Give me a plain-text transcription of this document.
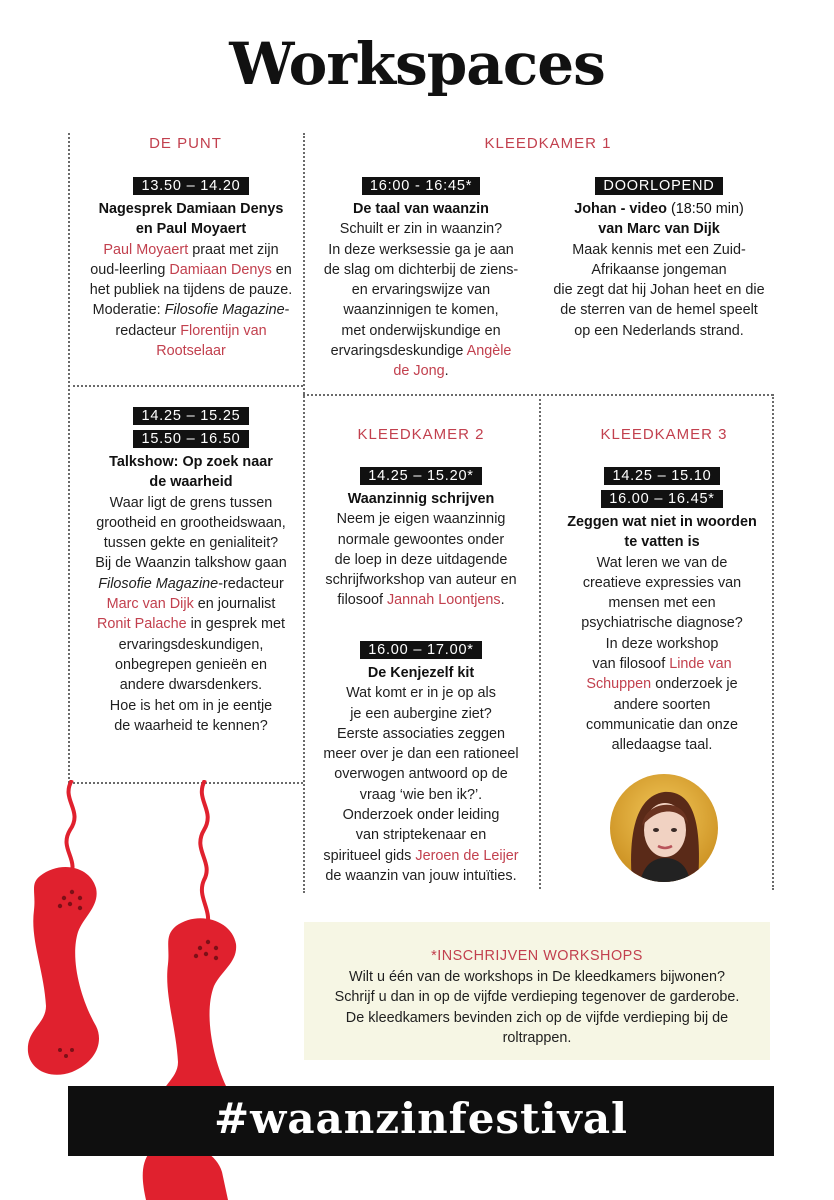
Workspaces
DE PUNT	KLEEDKAMER 1
KLEEDKAMER 2	KLEEDKAMER 3
13.50 – 14.20
Nagesprek Damiaan Denys
en Paul Moyaert
Paul Moyaert praat met zijn
oud-leerling Damiaan Denys en
het publiek na tijdens de pauze.
Moderatie: Filosofie Magazine-
redacteur Florentijn van
Rootselaar
14.25 – 15.25
15.50 – 16.50
Talkshow: Op zoek naar
de waarheid
Waar ligt de grens tussen
grootheid en grootheidswaan,
tussen gekte en genialiteit?
Bij de Waanzin talkshow gaan
Filosofie Magazine-redacteur
Marc van Dijk en journalist
Ronit Palache in gesprek met
ervaringsdeskundigen,
onbegrepen genieën en
andere dwarsdenkers.
Hoe is het om in je eentje
de waarheid te kennen?
16:00 - 16:45*
De taal van waanzin
Schuilt er zin in waanzin?
In deze werksessie ga je aan
de slag om dichterbij de ziens-
en ervaringswijze van
waanzinnigen te komen,
met onderwijskundige en
ervaringsdeskundige Angèle
de Jong.
DOORLOPEND
Johan - video (18:50 min)
van Marc van Dijk
Maak kennis met een Zuid-
Afrikaanse jongeman
die zegt dat hij Johan heet en die
de sterren van de hemel speelt
op een Nederlands strand.
14.25 – 15.20*
Waanzinnig schrijven
Neem je eigen waanzinnig
normale gewoontes onder
de loep in deze uitdagende
schrijfworkshop van auteur en
filosoof Jannah Loontjens.
16.00 – 17.00*
De Kenjezelf kit
Wat komt er in je op als
je een aubergine ziet?
Eerste associaties zeggen
meer over je dan een rationeel
overwogen antwoord op de
vraag ‘wie ben ik?’.
Onderzoek onder leiding
van striptekenaar en
spiritueel gids Jeroen de Leijer
de waanzin van jouw intuïties.
14.25 – 15.10
16.00 – 16.45*
Zeggen wat niet in woorden
te vatten is
Wat leren we van de
creatieve expressies van
mensen met een
psychiatrische diagnose?
In deze workshop
van filosoof Linde van
Schuppen onderzoek je
andere soorten
communicatie dan onze
alledaagse taal.
*INSCHRIJVEN WORKSHOPS
Wilt u één van de workshops in De kleedkamers bijwonen?
Schrijf u dan in op de vijfde verdieping tegenover de garderobe.
De kleedkamers bevinden zich op de vijfde verdieping bij de
roltrappen.
#waanzinfestival
